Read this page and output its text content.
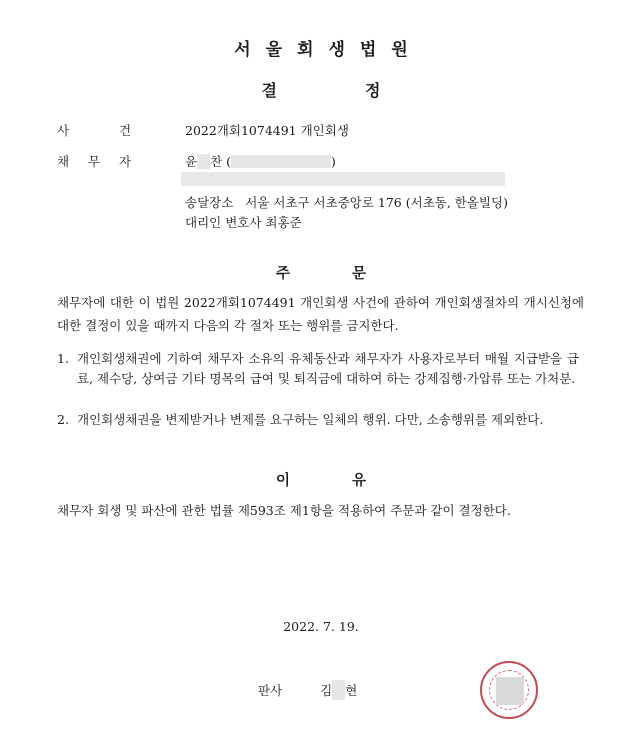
서울회생법원
결	정
사	건	2022개회1074491 개인회생
채 무 자	윤 찬 (	)
송달장소 서울 서초구 서초중앙로 176 (서초동, 한올빌딩)
대리인 변호사 최홍준
주	문
채무자에 대한 이 법원 2022개회1074491 개인회생 사건에 관하여 개인회생절차의 개시신청에 대한 결정이 있을 때까지 다음의 각 절차 또는 행위를 금지한다.
1. 개인회생채권에 기하여 채무자 소유의 유체동산과 채무자가 사용자로부터 매월 지급받을 급료, 제수당, 상여금 기타 명목의 급여 및 퇴직금에 대하여 하는 강제집행·가압류 또는 가처분.
2. 개인회생채권을 변제받거나 변제를 요구하는 일체의 행위. 다만, 소송행위를 제외한다.
이	유
채무자 회생 및 파산에 관한 법률 제593조 제1항을 적용하여 주문과 같이 결정한다.
2022. 7. 19.
판사	김 현
